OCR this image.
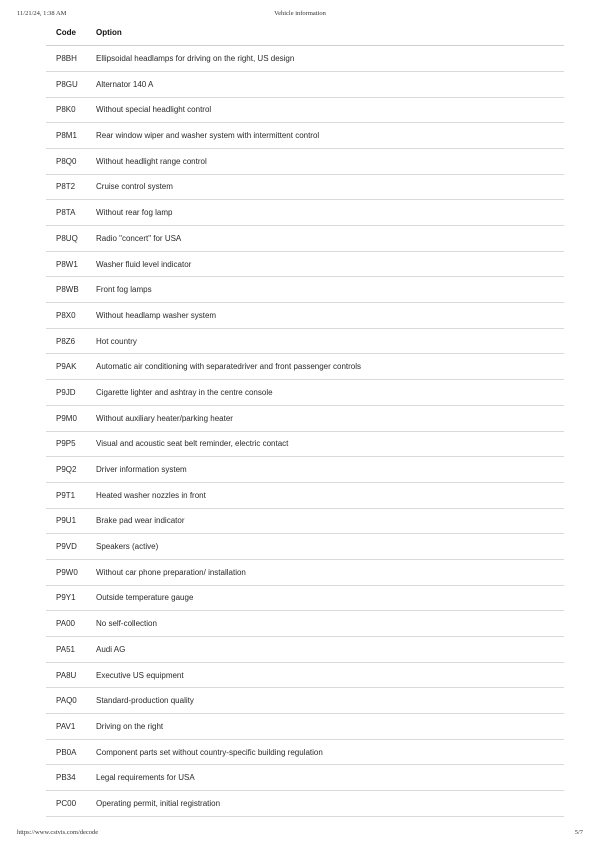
11/21/24, 1:38 AM	Vehicle information
Code	Option
P8BH	Ellipsoidal headlamps for driving on the right, US design
P8GU	Alternator 140 A
P8K0	Without special headlight control
P8M1	Rear window wiper and washer system with intermittent control
P8Q0	Without headlight range control
P8T2	Cruise control system
P8TA	Without rear fog lamp
P8UQ	Radio "concert" for USA
P8W1	Washer fluid level indicator
P8WB	Front fog lamps
P8X0	Without headlamp washer system
P8Z6	Hot country
P9AK	Automatic air conditioning with separatedriver and front passenger controls
P9JD	Cigarette lighter and ashtray in the centre console
P9M0	Without auxiliary heater/parking heater
P9P5	Visual and acoustic seat belt reminder, electric contact
P9Q2	Driver information system
P9T1	Heated washer nozzles in front
P9U1	Brake pad wear indicator
P9VD	Speakers (active)
P9W0	Without car phone preparation/ installation
P9Y1	Outside temperature gauge
PA00	No self-collection
PA51	Audi AG
PA8U	Executive US equipment
PAQ0	Standard-production quality
PAV1	Driving on the right
PB0A	Component parts set without country-specific building regulation
PB34	Legal requirements for USA
PC00	Operating permit, initial registration
https://www.cstvis.com/decode	5/7
